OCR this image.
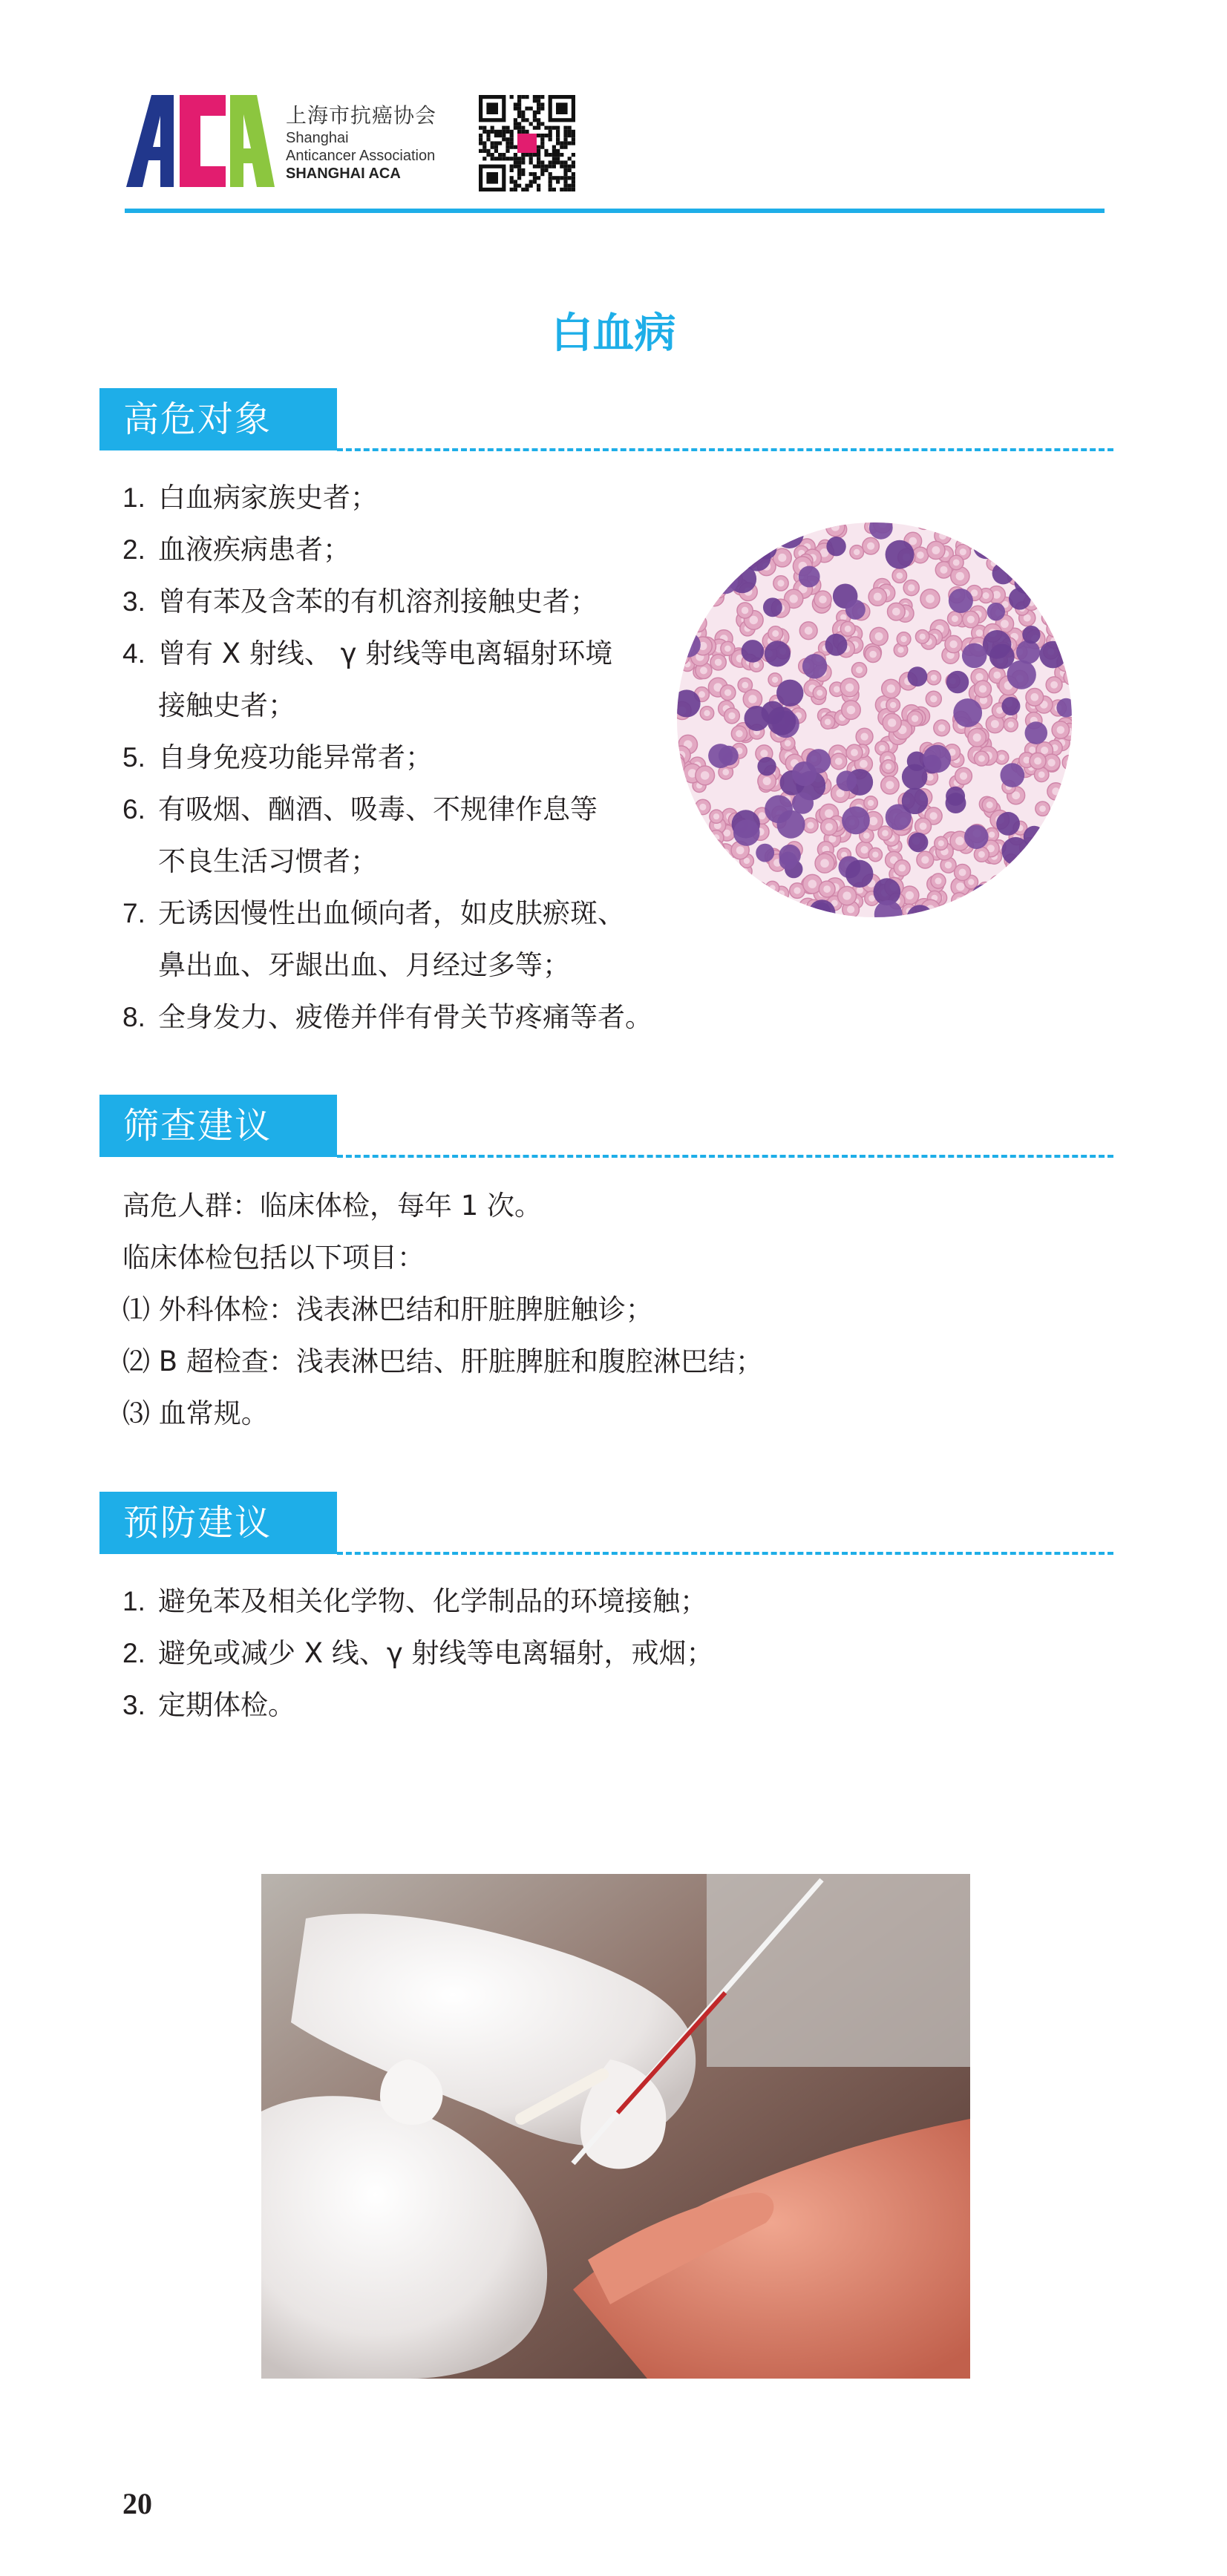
上海市抗癌协会
Shanghai
Anticancer Association
SHANGHAI ACA
白血病
高危对象
1. 白血病家族史者；
2. 血液疾病患者；
3. 曾有苯及含苯的有机溶剂接触史者；
4. 曾有 X 射线、 γ 射线等电离辐射环境
接触史者；
5. 自身免疫功能异常者；
6. 有吸烟、酗酒、吸毒、不规律作息等
不良生活习惯者；
7. 无诱因慢性出血倾向者，如皮肤瘀斑、
鼻出血、牙龈出血、月经过多等；
8. 全身发力、疲倦并伴有骨关节疼痛等者。
筛查建议
高危人群：临床体检，每年 1 次。
临床体检包括以下项目：
⑴ 外科体检：浅表淋巴结和肝脏脾脏触诊；
⑵ B 超检查：浅表淋巴结、肝脏脾脏和腹腔淋巴结；
⑶ 血常规。
预防建议
1. 避免苯及相关化学物、化学制品的环境接触；
2. 避免或减少 X 线、γ 射线等电离辐射，戒烟；
3. 定期体检。
20
